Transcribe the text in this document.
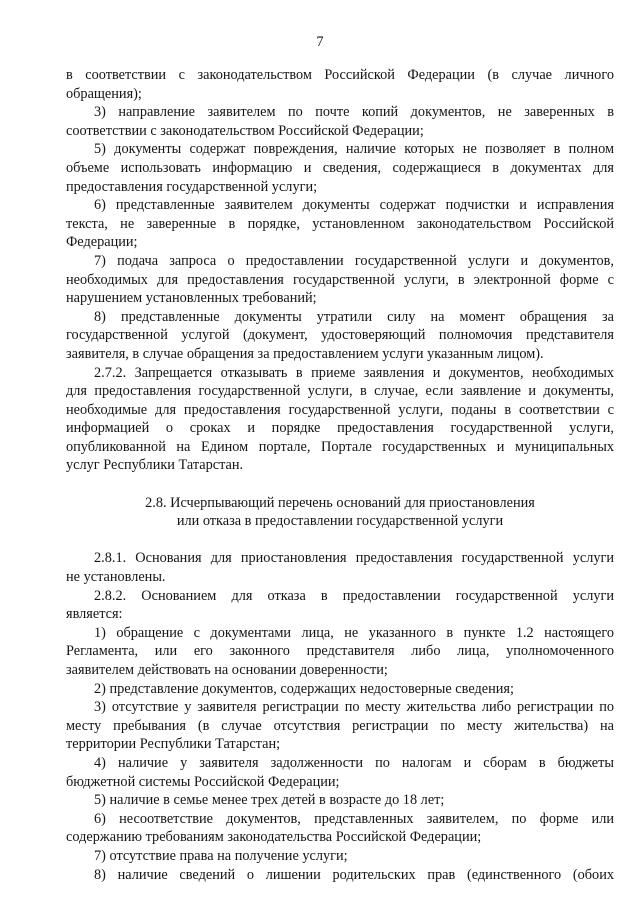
7
в соответствии с законодательством Российской Федерации (в случае личного
обращения);
3) направление заявителем по почте копий документов, не заверенных в
соответствии с законодательством Российской Федерации;
5) документы содержат повреждения, наличие которых не позволяет в полном
объеме использовать информацию и сведения, содержащиеся в документах для
предоставления государственной услуги;
6) представленные заявителем документы содержат подчистки и исправления
текста, не заверенные в порядке, установленном законодательством Российской
Федерации;
7) подача запроса о предоставлении государственной услуги и документов,
необходимых для предоставления государственной услуги, в электронной форме с
нарушением установленных требований;
8) представленные документы утратили силу на момент обращения за
государственной услугой (документ, удостоверяющий полномочия представителя
заявителя, в случае обращения за предоставлением услуги указанным лицом).
2.7.2. Запрещается отказывать в приеме заявления и документов, необходимых
для предоставления государственной услуги, в случае, если заявление и документы,
необходимые для предоставления государственной услуги, поданы в соответствии с
информацией о сроках и порядке предоставления государственной услуги,
опубликованной на Едином портале, Портале государственных и муниципальных
услуг Республики Татарстан.
2.8. Исчерпывающий перечень оснований для приостановления
или отказа в предоставлении государственной услуги
2.8.1. Основания для приостановления предоставления государственной услуги
не установлены.
2.8.2. Основанием для отказа в предоставлении государственной услуги
является:
1) обращение с документами лица, не указанного в пункте 1.2 настоящего
Регламента, или его законного представителя либо лица, уполномоченного
заявителем действовать на основании доверенности;
2) представление документов, содержащих недостоверные сведения;
3) отсутствие у заявителя регистрации по месту жительства либо регистрации по
месту пребывания (в случае отсутствия регистрации по месту жительства) на
территории Республики Татарстан;
4) наличие у заявителя задолженности по налогам и сборам в бюджеты
бюджетной системы Российской Федерации;
5) наличие в семье менее трех детей в возрасте до 18 лет;
6) несоответствие документов, представленных заявителем, по форме или
содержанию требованиям законодательства Российской Федерации;
7) отсутствие права на получение услуги;
8) наличие сведений о лишении родительских прав (единственного (обоих
